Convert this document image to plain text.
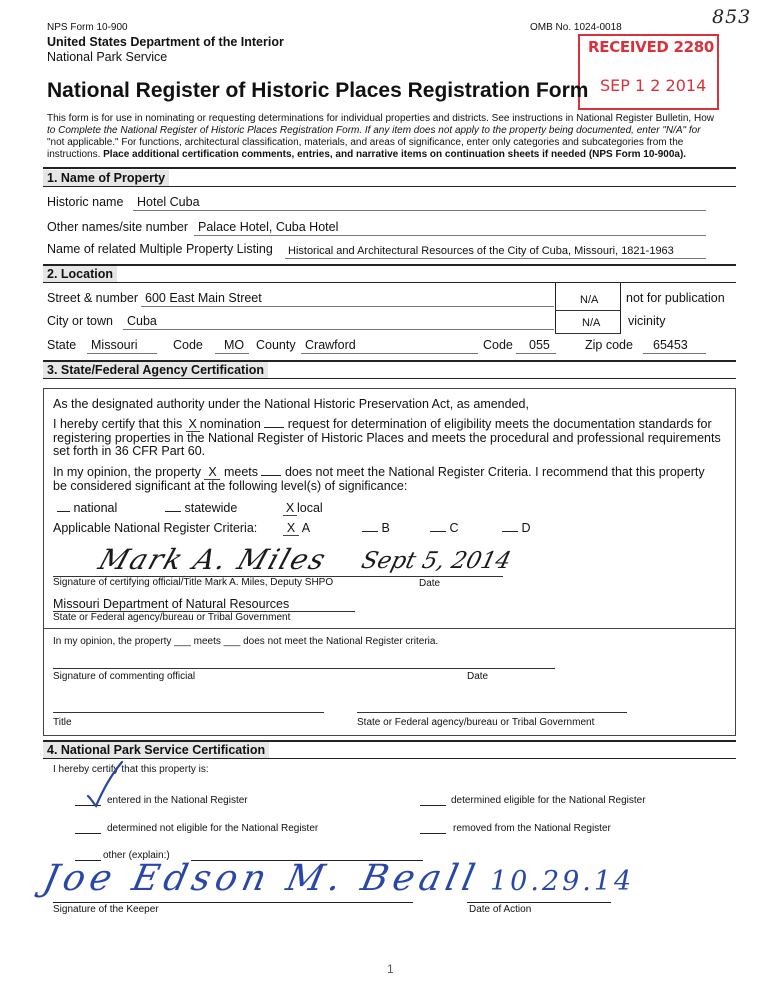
NPS Form 10-900
United States Department of the Interior
National Park Service
OMB No. 1024-0018	853
RECEIVED 2280
SEP 1 2 2014
National Register of Historic Places Registration Form
This form is for use in nominating or requesting determinations for individual properties and districts. See instructions in National Register Bulletin, How
to Complete the National Register of Historic Places Registration Form. If any item does not apply to the property being documented, enter "N/A" for
"not applicable." For functions, architectural classification, materials, and areas of significance, enter only categories and subcategories from the
instructions. Place additional certification comments, entries, and narrative items on continuation sheets if needed (NPS Form 10-900a).
1. Name of Property
Historic name Hotel Cuba
Other names/site number Palace Hotel, Cuba Hotel
Name of related Multiple Property Listing Historical and Architectural Resources of the City of Cuba, Missouri, 1821-1963
2. Location
Street & number 600 East Main Street	N/A not for publication
City or town Cuba	N/A vicinity
State Missouri	Code MO County Crawford	Code 055	Zip code 65453
3. State/Federal Agency Certification
As the designated authority under the National Historic Preservation Act, as amended,
I hereby certify that this X nomination  request for determination of eligibility meets the documentation standards for
registering properties in the National Register of Historic Places and meets the procedural and professional requirements
set forth in 36 CFR Part 60.
In my opinion, the property X meets  does not meet the National Register Criteria. I recommend that this property
be considered significant at the following level(s) of significance:
national	statewide	X local
Applicable National Register Criteria:	X A	B	C	D
Mark A. Miles Sept 5, 2014
Signature of certifying official/Title Mark A. Miles, Deputy SHPO	Date
Missouri Department of Natural Resources
State or Federal agency/bureau or Tribal Government
In my opinion, the property ___ meets ___ does not meet the National Register criteria.
Signature of commenting official	Date
Title	State or Federal agency/bureau or Tribal Government
4. National Park Service Certification
I hereby certify that this property is:
entered in the National Register	determined eligible for the National Register
determined not eligible for the National Register	removed from the National Register
other (explain:)
Joe Edson M. Beall 10.29.14
Signature of the Keeper	Date of Action
1
